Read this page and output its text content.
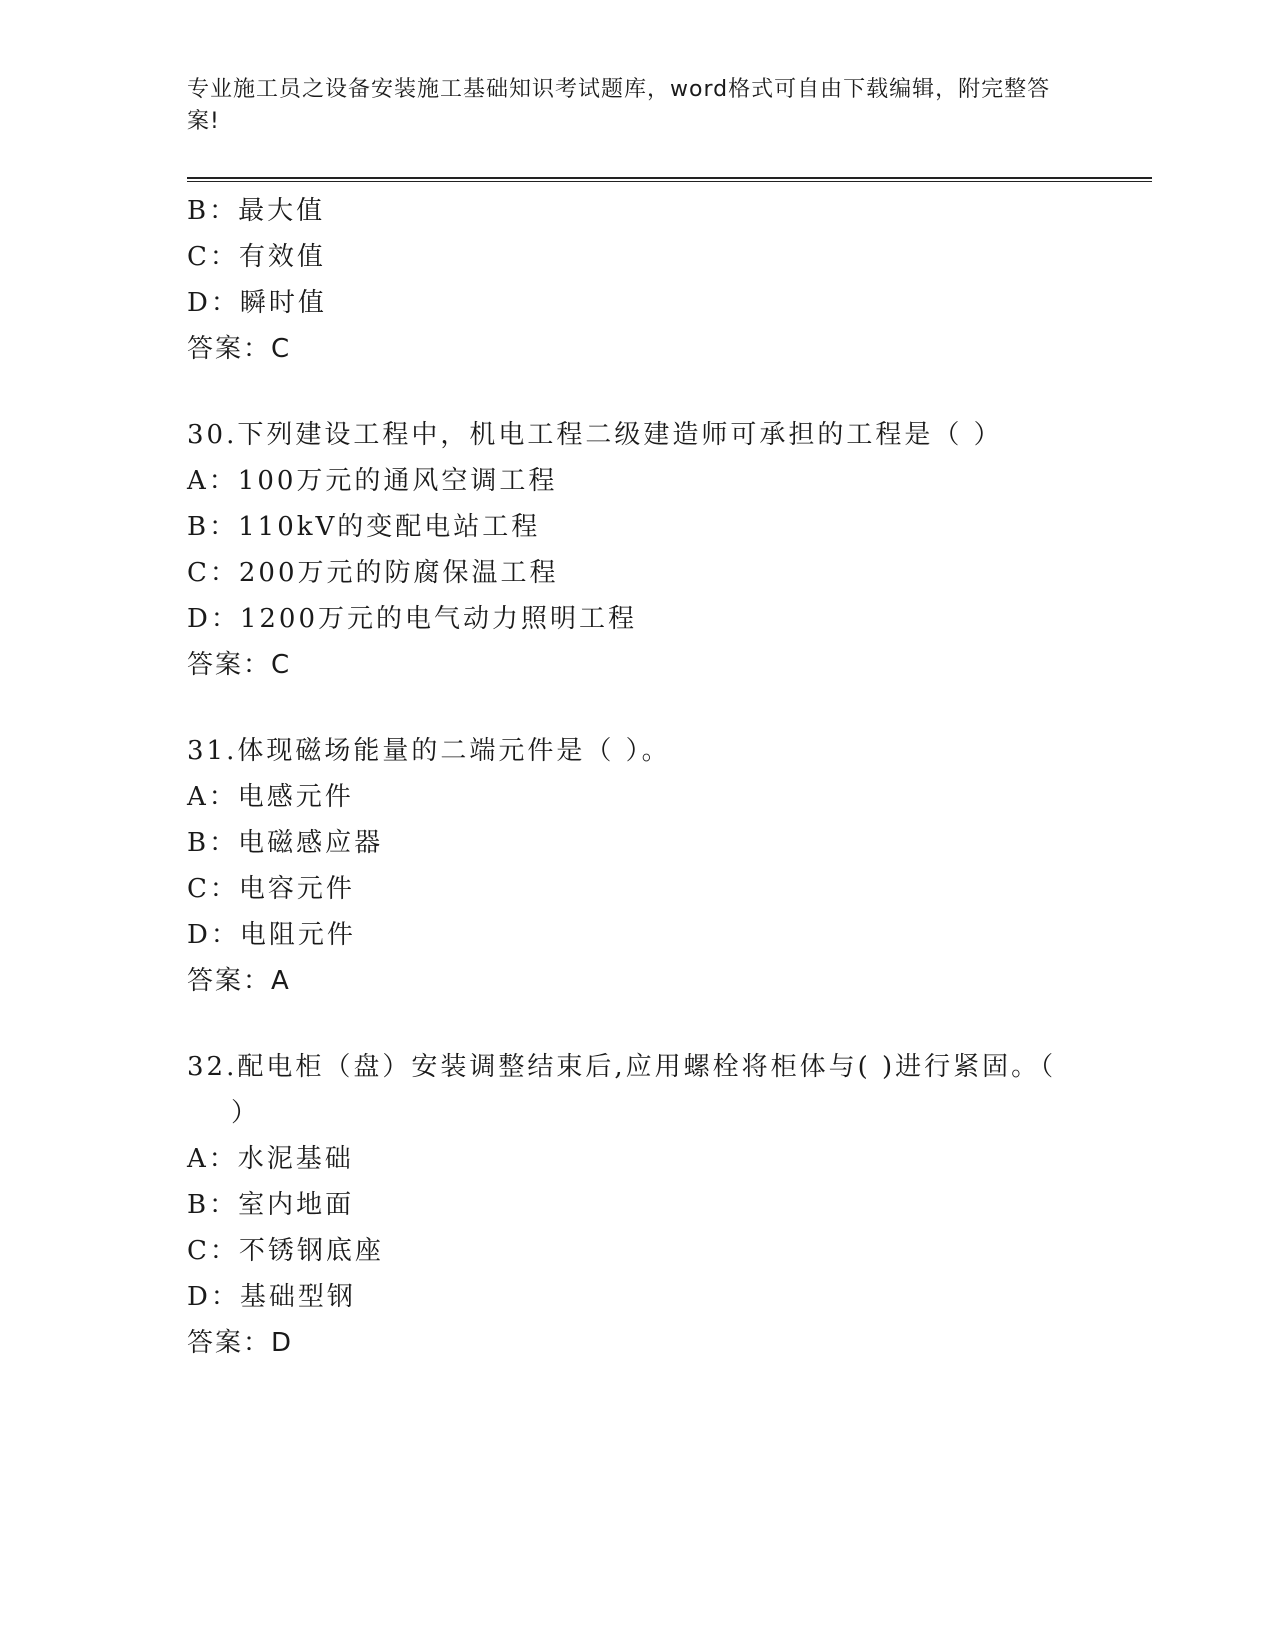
专业施工员之设备安装施工基础知识考试题库，word格式可自由下载编辑，附完整答案!
B：最大值
C：有效值
D：瞬时值
答案：C
30.下列建设工程中，机电工程二级建造师可承担的工程是（ ）
A：100万元的通风空调工程
B：110kV的变配电站工程
C：200万元的防腐保温工程
D：1200万元的电气动力照明工程
答案：C
31.体现磁场能量的二端元件是（ ）。
A：电感元件
B：电磁感应器
C：电容元件
D：电阻元件
答案：A
32.配电柜（盘）安装调整结束后,应用螺栓将柜体与( )进行紧固。（
）
A：水泥基础
B：室内地面
C：不锈钢底座
D：基础型钢
答案：D
